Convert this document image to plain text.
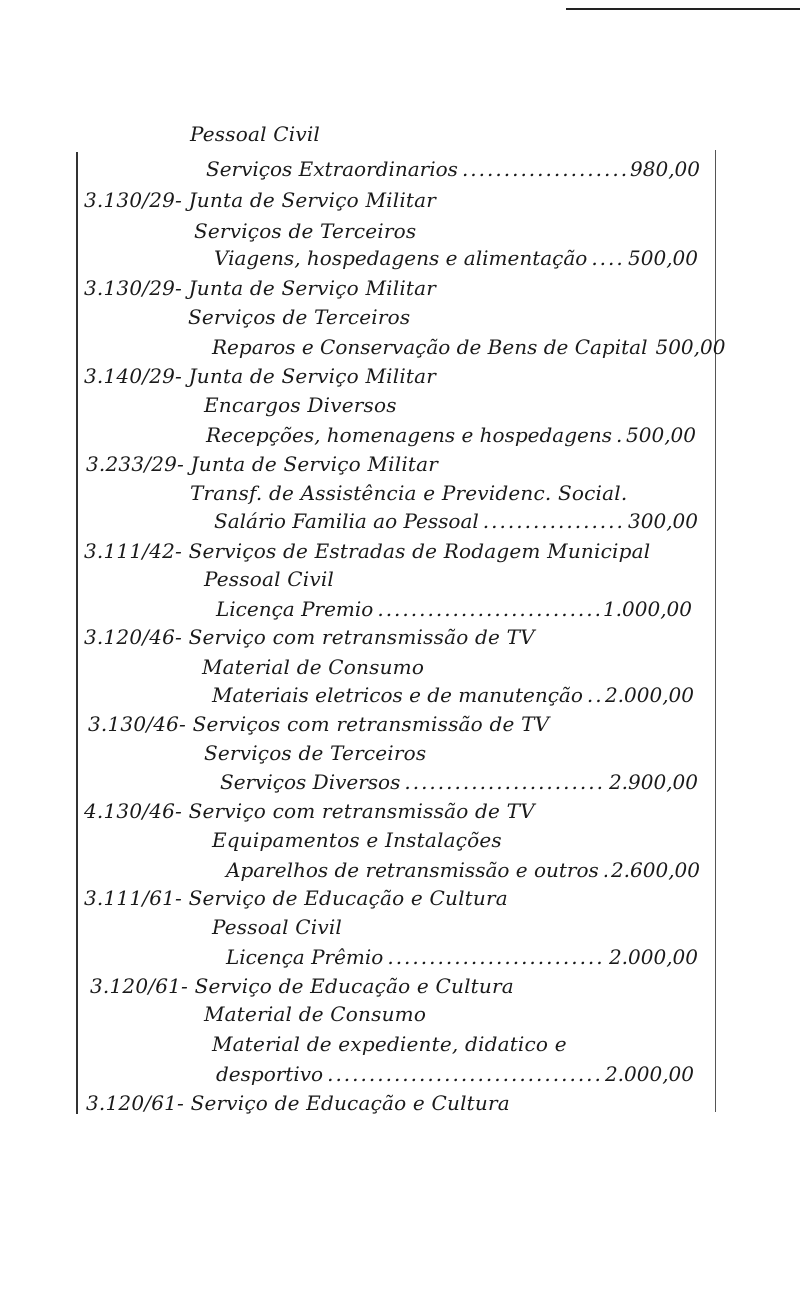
Pessoal Civil
Serviços Extraordinarios .....	980,00
3.130/29- Junta de Serviço Militar
Serviços de Terceiros
Viagens, hospedagens e alimentação ..... 500,00
3.130/29- Junta de Serviço Militar
Serviços de Terceiros
Reparos e Conservação de Bens de Capital 500,00
3.140/29- Junta de Serviço Militar
Encargos Diversos
Recepções, homenagens e hospedagens ..... 500,00
3.233/29- Junta de Serviço Militar
Transf. de Assistência e Previdenc. Social.
Salário Familia ao Pessoal .....	300,00
3.111/42- Serviços de Estradas de Rodagem Municipal
Pessoal Civil
Licença Premio .....	1.000,00
3.120/46- Serviço com retransmissão de TV
Material de Consumo
Materiais eletricos e de manutenção ..... 2.000,00
3.130/46- Serviços com retransmissão de TV
Serviços de Terceiros
Serviços Diversos .....	2.900,00
4.130/46- Serviço com retransmissão de TV
Equipamentos e Instalações
Aparelhos de retransmissão e outros ..... 2.600,00
3.111/61- Serviço de Educação e Cultura
Pessoal Civil
Licença Prêmio .....	2.000,00
3.120/61- Serviço de Educação e Cultura
Material de Consumo
Material de expediente, didatico e
desportivo .....	2.000,00
3.120/61- Serviço de Educação e Cultura
